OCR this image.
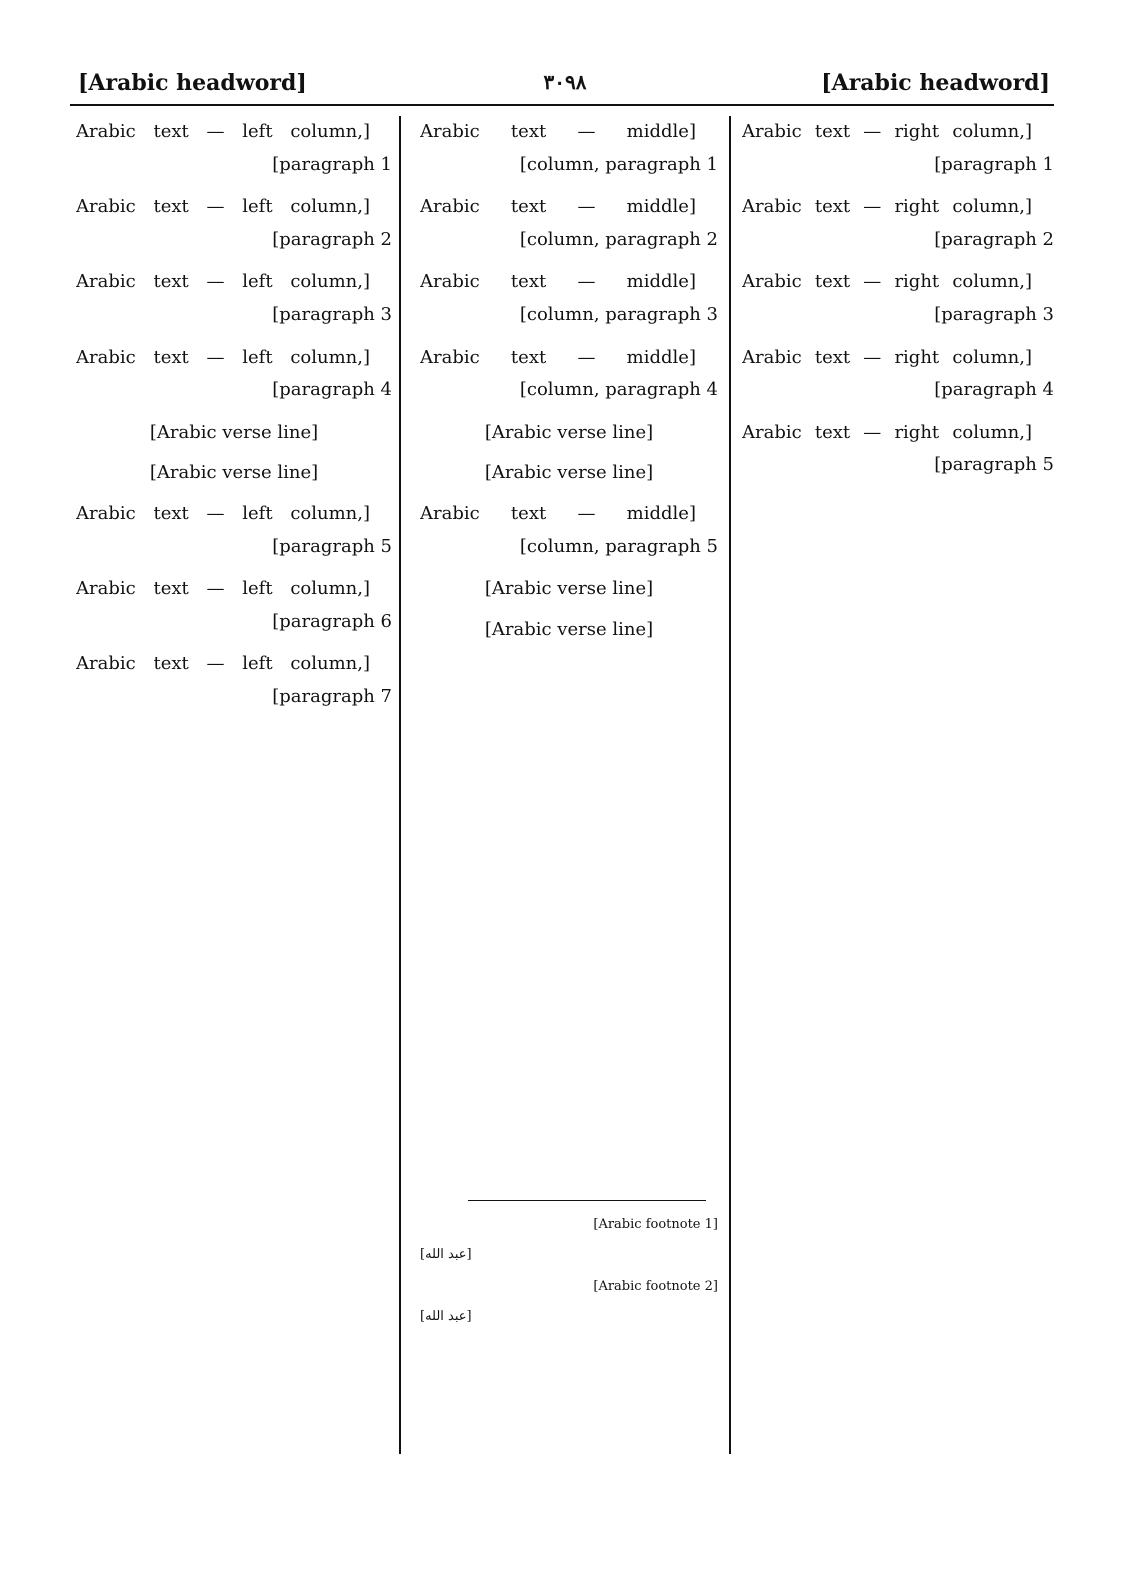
[Arabic headword]
٣٠٩٨
[Arabic headword]

[Arabic text — right column, paragraph 1]

[Arabic text — right column, paragraph 2]

[Arabic text — right column, paragraph 3]

[Arabic text — right column, paragraph 4]

[Arabic text — right column, paragraph 5]

[Arabic text — middle column, paragraph 1]

[Arabic text — middle column, paragraph 2]

[Arabic text — middle column, paragraph 3]

[Arabic text — middle column, paragraph 4]

[Arabic verse line]
[Arabic verse line]

[Arabic text — middle column, paragraph 5]

[Arabic verse line]
[Arabic verse line]

[Arabic text — left column, paragraph 1]

[Arabic text — left column, paragraph 2]

[Arabic text — left column, paragraph 3]

[Arabic text — left column, paragraph 4]

[Arabic verse line]
[Arabic verse line]

[Arabic text — left column, paragraph 5]

[Arabic text — left column, paragraph 6]

[Arabic text — left column, paragraph 7]

[Arabic footnote 1]

[عبد الله]

[Arabic footnote 2]

[عبد الله]
